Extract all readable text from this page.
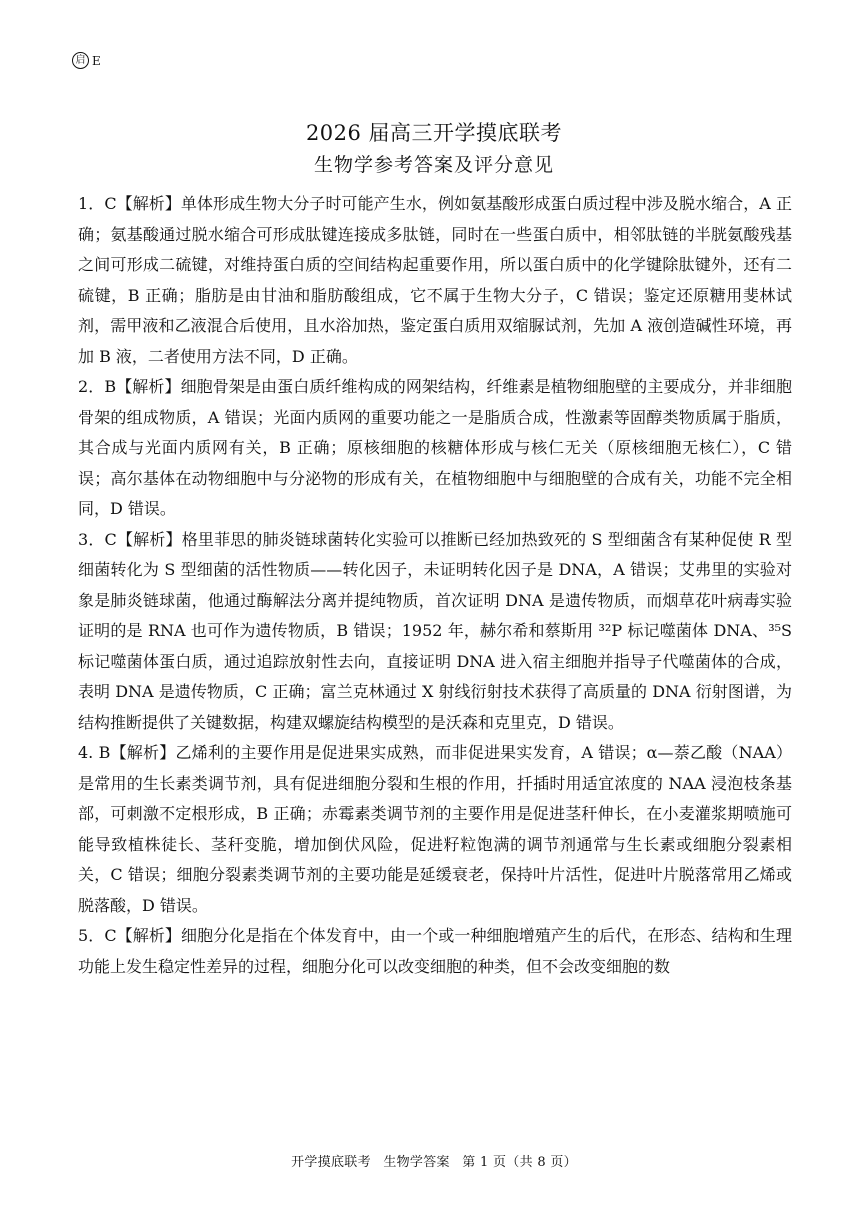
启 E
2026 届高三开学摸底联考
生物学参考答案及评分意见

1．C【解析】单体形成生物大分子时可能产生水，例如氨基酸形成蛋白质过程中涉及脱水缩合，A 正确；氨基酸通过脱水缩合可形成肽键连接成多肽链，同时在一些蛋白质中，相邻肽链的半胱氨酸残基之间可形成二硫键，对维持蛋白质的空间结构起重要作用，所以蛋白质中的化学键除肽键外，还有二硫键，B 正确；脂肪是由甘油和脂肪酸组成，它不属于生物大分子，C 错误；鉴定还原糖用斐林试剂，需甲液和乙液混合后使用，且水浴加热，鉴定蛋白质用双缩脲试剂，先加 A 液创造碱性环境，再加 B 液，二者使用方法不同，D 正确。

2．B【解析】细胞骨架是由蛋白质纤维构成的网架结构，纤维素是植物细胞壁的主要成分，并非细胞骨架的组成物质，A 错误；光面内质网的重要功能之一是脂质合成，性激素等固醇类物质属于脂质，其合成与光面内质网有关，B 正确；原核细胞的核糖体形成与核仁无关（原核细胞无核仁），C 错误；高尔基体在动物细胞中与分泌物的形成有关，在植物细胞中与细胞壁的合成有关，功能不完全相同，D 错误。

3．C【解析】格里菲思的肺炎链球菌转化实验可以推断已经加热致死的 S 型细菌含有某种促使 R 型细菌转化为 S 型细菌的活性物质——转化因子，未证明转化因子是 DNA，A 错误；艾弗里的实验对象是肺炎链球菌，他通过酶解法分离并提纯物质，首次证明 DNA 是遗传物质，而烟草花叶病毒实验证明的是 RNA 也可作为遗传物质，B 错误；1952 年，赫尔希和蔡斯用 ³²P 标记噬菌体 DNA、³⁵S 标记噬菌体蛋白质，通过追踪放射性去向，直接证明 DNA 进入宿主细胞并指导子代噬菌体的合成，表明 DNA 是遗传物质，C 正确；富兰克林通过 X 射线衍射技术获得了高质量的 DNA 衍射图谱，为结构推断提供了关键数据，构建双螺旋结构模型的是沃森和克里克，D 错误。

4. B【解析】乙烯利的主要作用是促进果实成熟，而非促进果实发育，A 错误；α—萘乙酸（NAA）是常用的生长素类调节剂，具有促进细胞分裂和生根的作用，扦插时用适宜浓度的 NAA 浸泡枝条基部，可刺激不定根形成，B 正确；赤霉素类调节剂的主要作用是促进茎秆伸长，在小麦灌浆期喷施可能导致植株徒长、茎秆变脆，增加倒伏风险，促进籽粒饱满的调节剂通常与生长素或细胞分裂素相关，C 错误；细胞分裂素类调节剂的主要功能是延缓衰老，保持叶片活性，促进叶片脱落常用乙烯或脱落酸，D 错误。

5．C【解析】细胞分化是指在个体发育中，由一个或一种细胞增殖产生的后代，在形态、结构和生理功能上发生稳定性差异的过程，细胞分化可以改变细胞的种类，但不会改变细胞的数

开学摸底联考 生物学答案 第 1 页（共 8 页）
